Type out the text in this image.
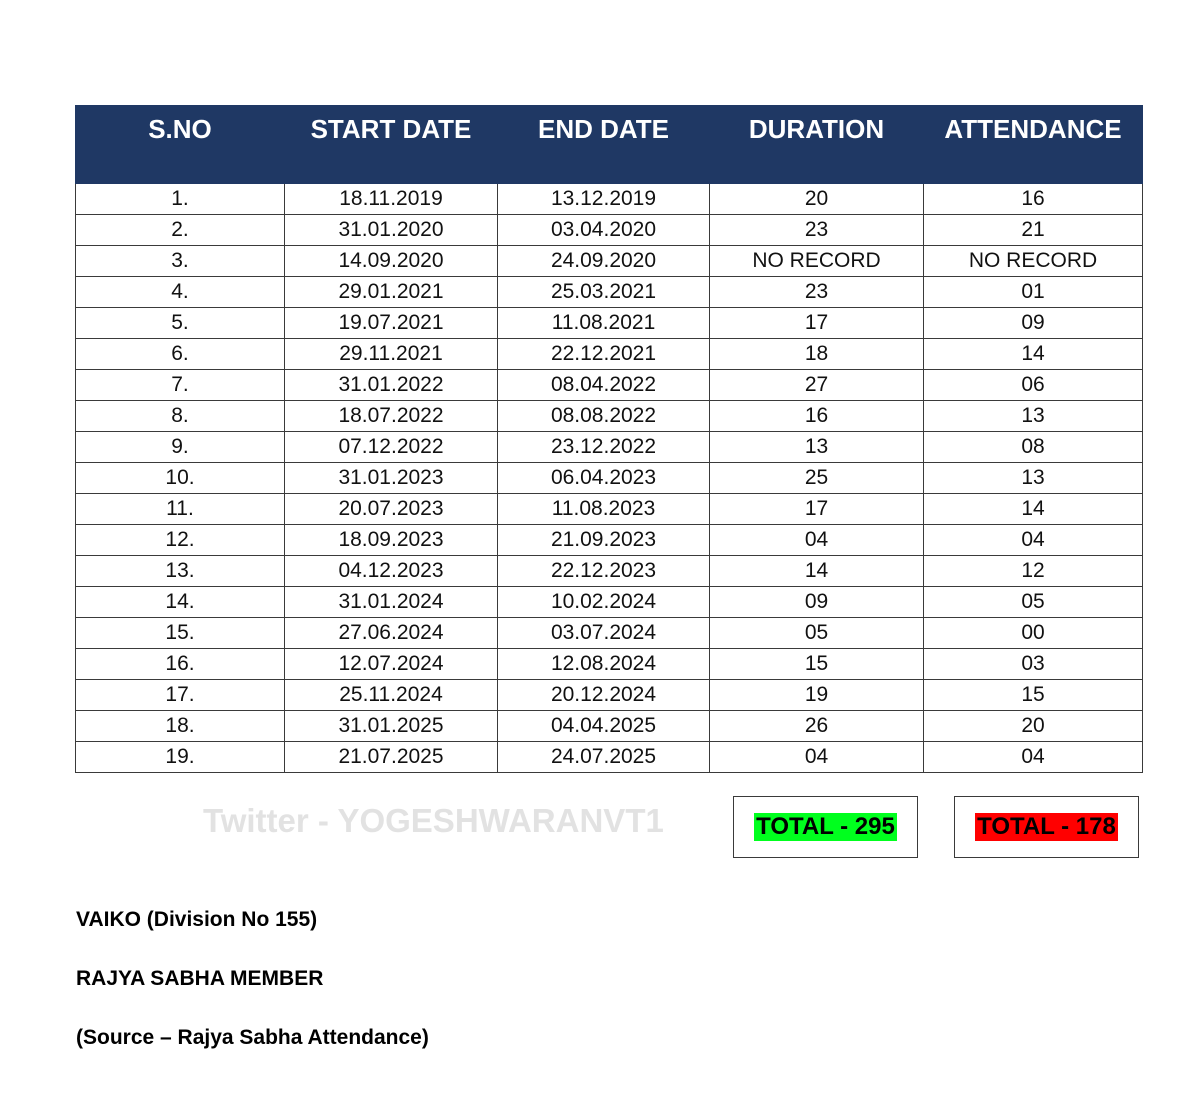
S.NO	START DATE	END DATE	DURATION	ATTENDANCE
1.	18.11.2019	13.12.2019	20	16
2.	31.01.2020	03.04.2020	23	21
3.	14.09.2020	24.09.2020	NO RECORD	NO RECORD
4.	29.01.2021	25.03.2021	23	01
5.	19.07.2021	11.08.2021	17	09
6.	29.11.2021	22.12.2021	18	14
7.	31.01.2022	08.04.2022	27	06
8.	18.07.2022	08.08.2022	16	13
9.	07.12.2022	23.12.2022	13	08
10.	31.01.2023	06.04.2023	25	13
11.	20.07.2023	11.08.2023	17	14
12.	18.09.2023	21.09.2023	04	04
13.	04.12.2023	22.12.2023	14	12
14.	31.01.2024	10.02.2024	09	05
15.	27.06.2024	03.07.2024	05	00
16.	12.07.2024	12.08.2024	15	03
17.	25.11.2024	20.12.2024	19	15
18.	31.01.2025	04.04.2025	26	20
19.	21.07.2025	24.07.2025	04	04
Twitter - YOGESHWARANVT1	TOTAL - 295	TOTAL - 178
VAIKO (Division No 155)
RAJYA SABHA MEMBER
(Source – Rajya Sabha Attendance)
